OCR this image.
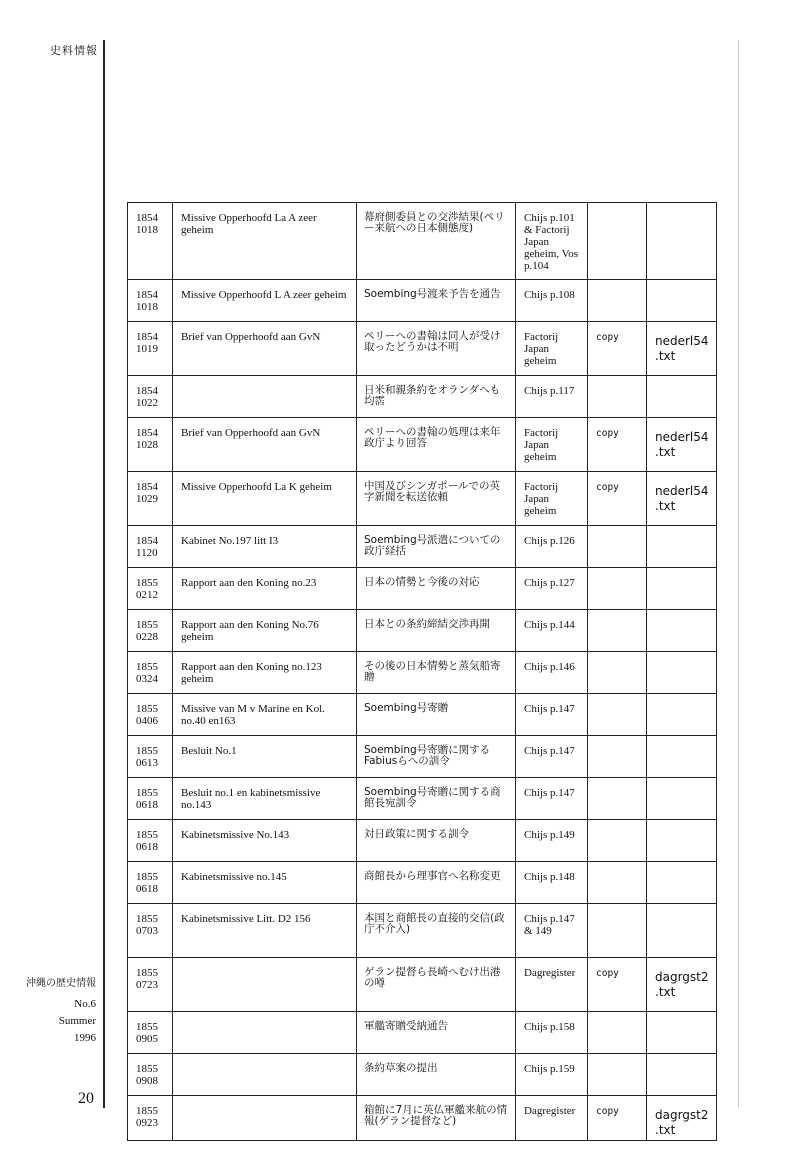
史料情報
1854
1018	Missive Opperhoofd La A zeer geheim	幕府側委員との交渉結果(ペリー来航への日本側態度)	Chijs p.101 & Factorij Japan geheim, Vos p.104		

1854
1018	Missive Opperhoofd L A zeer geheim	Soembing号渡来予告を通告	Chijs p.108		

1854
1019	Brief van Opperhoofd aan GvN	ペリーへの書翰は同人が受け取ったどうかは不明	Factorij Japan geheim	copy	nederl54 .txt

1854
1022		日米和親条約をオランダへも均霑	Chijs p.117		

1854
1028	Brief van Opperhoofd aan GvN	ペリーへの書翰の処理は来年政庁より回答	Factorij Japan geheim	copy	nederl54 .txt

1854
1029	Missive Opperhoofd La K geheim	中国及びシンガポールでの英字新聞を転送依頼	Factorij Japan geheim	copy	nederl54 .txt

1854
1120	Kabinet No.197 litt I3	Soembing号派遣についての政庁経括	Chijs p.126		

1855
0212	Rapport aan den Koning no.23	日本の情勢と今後の対応	Chijs p.127		

1855
0228	Rapport aan den Koning No.76 geheim	日本との条約締結交渉再開	Chijs p.144		

1855
0324	Rapport aan den Koning no.123 geheim	その後の日本情勢と蒸気船寄贈	Chijs p.146		

1855
0406	Missive van M v Marine en Kol. no.40 en163	Soembing号寄贈	Chijs p.147		

1855
0613	Besluit No.1	Soembing号寄贈に関するFabiusらへの訓令	Chijs p.147		

1855
0618	Besluit no.1 en kabinetsmissive no.143	Soembing号寄贈に関する商館長宛訓令	Chijs p.147		

1855
0618	Kabinetsmissive No.143	対日政策に関する訓令	Chijs p.149		

1855
0618	Kabinetsmissive no.145	商館長から理事官へ名称変更	Chijs p.148		

1855
0703	Kabinetsmissive Litt. D2 156	本国と商館長の直接的交信(政庁不介入)	Chijs p.147 & 149		

1855
0723		ゲラン提督ら長崎へむけ出港の噂	Dagregister	copy	dagrgst2 .txt

1855
0905		軍艦寄贈受納通告	Chijs p.158		

1855
0908		条約草案の提出	Chijs p.159		

1855
0923		箱館に7月に英仏軍艦来航の情報(ゲラン提督など)	Dagregister	copy	dagrgst2 .txt
沖縄の歴史情報
No.6
Summer
1996
20
